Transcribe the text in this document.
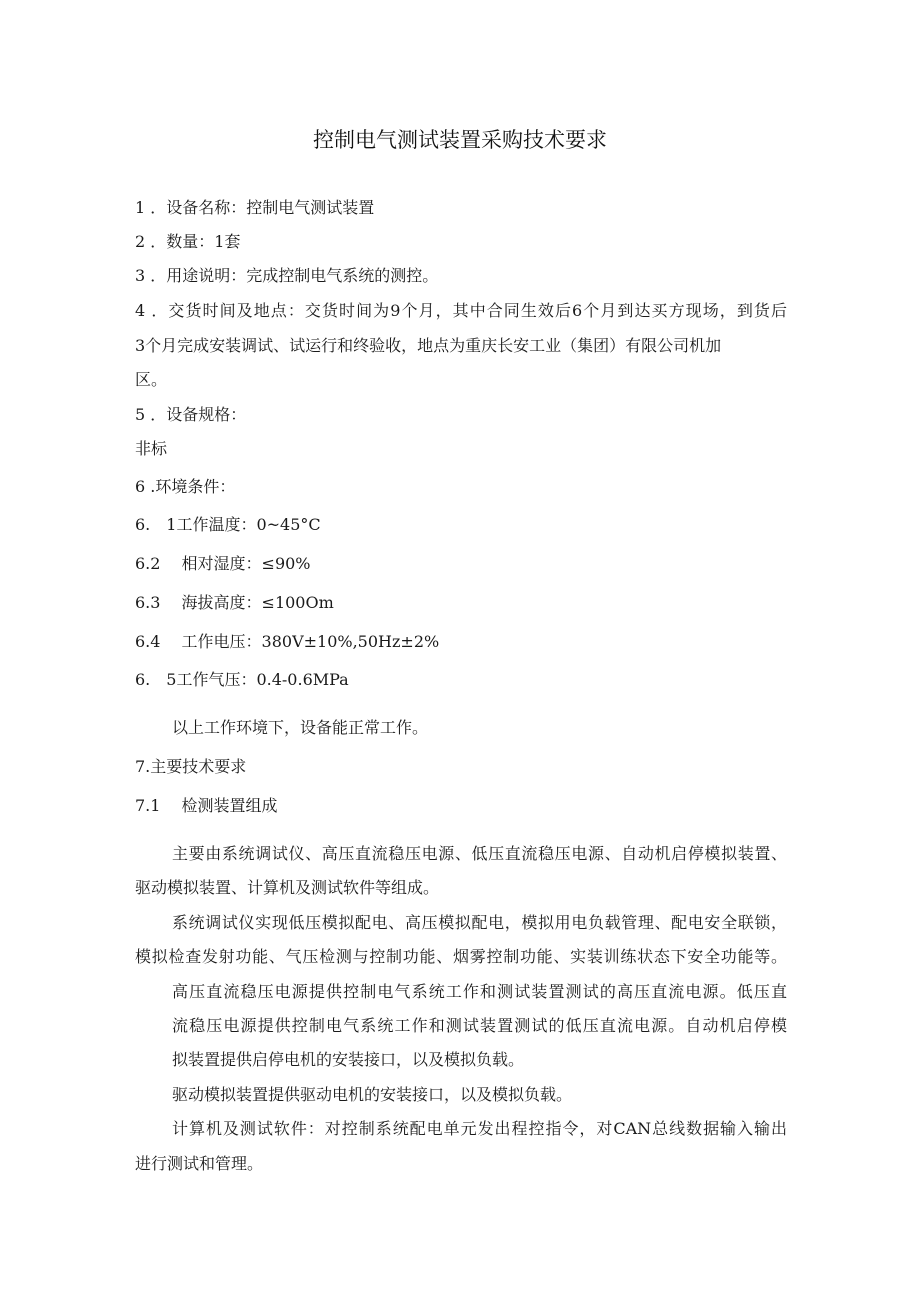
控制电气测试装置采购技术要求
1 ．设备名称：控制电气测试装置
2 ．数量：1套
3 ．用途说明：完成控制电气系统的测控。
4 ．交货时间及地点：交货时间为9个月，其中合同生效后6个月到达买方现场，到货后
3个月完成安装调试、试运行和终验收，地点为重庆长安工业（集团）有限公司机加
区。
5 ．设备规格：
非标
6 .环境条件：
6.　1工作温度：0~45°C
6.2　 相对湿度：≤90%
6.3　 海拔高度：≤100Om
6.4　 工作电压：380V±10%,50Hz±2%
6.　5工作气压：0.4-0.6MPa
以上工作环境下，设备能正常工作。
7.主要技术要求
7.1　 检测装置组成
主要由系统调试仪、高压直流稳压电源、低压直流稳压电源、自动机启停模拟装置、
驱动模拟装置、计算机及测试软件等组成。
系统调试仪实现低压模拟配电、高压模拟配电，模拟用电负载管理、配电安全联锁，
模拟检查发射功能、气压检测与控制功能、烟雾控制功能、实装训练状态下安全功能等。
高压直流稳压电源提供控制电气系统工作和测试装置测试的高压直流电源。低压直
流稳压电源提供控制电气系统工作和测试装置测试的低压直流电源。自动机启停模
拟装置提供启停电机的安装接口，以及模拟负载。
驱动模拟装置提供驱动电机的安装接口，以及模拟负载。
计算机及测试软件：对控制系统配电单元发出程控指令，对CAN总线数据输入输出
进行测试和管理。
